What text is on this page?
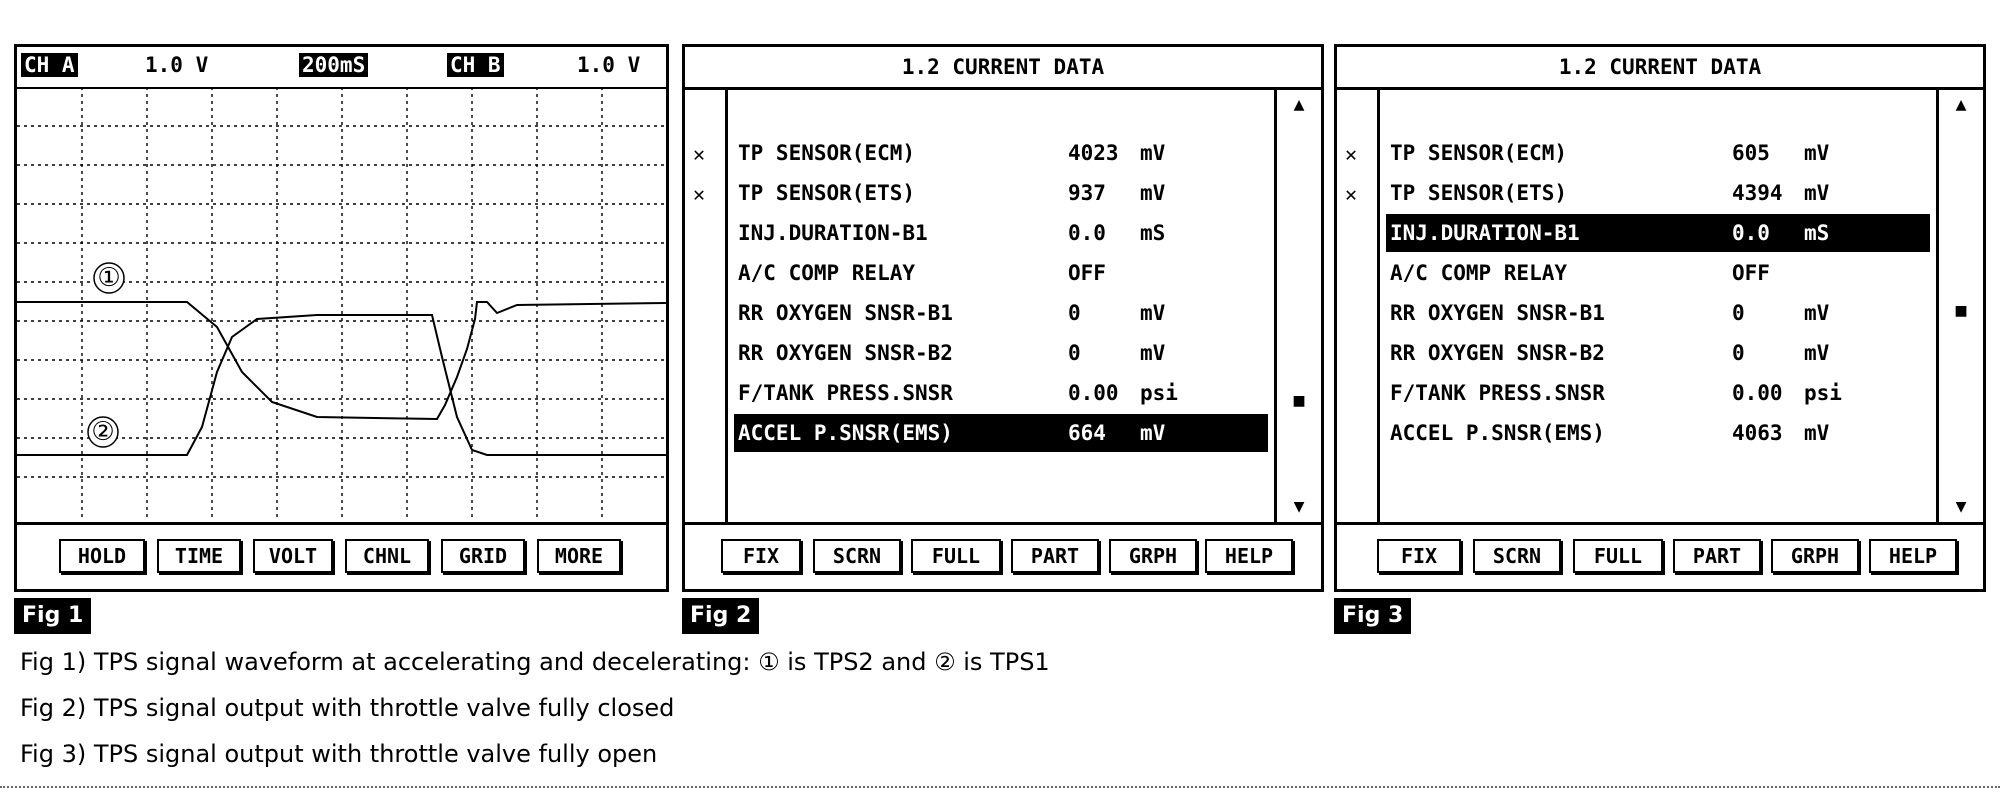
CH A	1.0 V	200mS	CH B	1.0 V
①
②
HOLD	TIME	VOLT	CHNL	GRID	MORE
1.2 CURRENT DATA
TP SENSOR(ECM)	4023 mV
TP SENSOR(ETS)	937 mV
INJ.DURATION-B1	0.0 mS
A/C COMP RELAY	OFF
RR OXYGEN SNSR-B1	0	mV
RR OXYGEN SNSR-B2	0	mV
F/TANK PRESS.SNSR	0.00 psi
ACCEL P.SNSR(EMS)	664 mV
✕
✕
▲
■
▼
FIX	SCRN	FULL	PART	GRPH	HELP
1.2 CURRENT DATA
TP SENSOR(ECM)	605 mV
TP SENSOR(ETS)	4394 mV
INJ.DURATION-B1	0.0 mS
A/C COMP RELAY	OFF
RR OXYGEN SNSR-B1	0	mV
RR OXYGEN SNSR-B2	0	mV
F/TANK PRESS.SNSR	0.00 psi
ACCEL P.SNSR(EMS)	4063 mV
✕
✕
▲
■
▼
FIX	SCRN	FULL	PART	GRPH	HELP
Fig 1	Fig 2	Fig 3
Fig 1) TPS signal waveform at accelerating and decelerating: ① is TPS2 and ② is TPS1
Fig 2) TPS signal output with throttle valve fully closed
Fig 3) TPS signal output with throttle valve fully open
